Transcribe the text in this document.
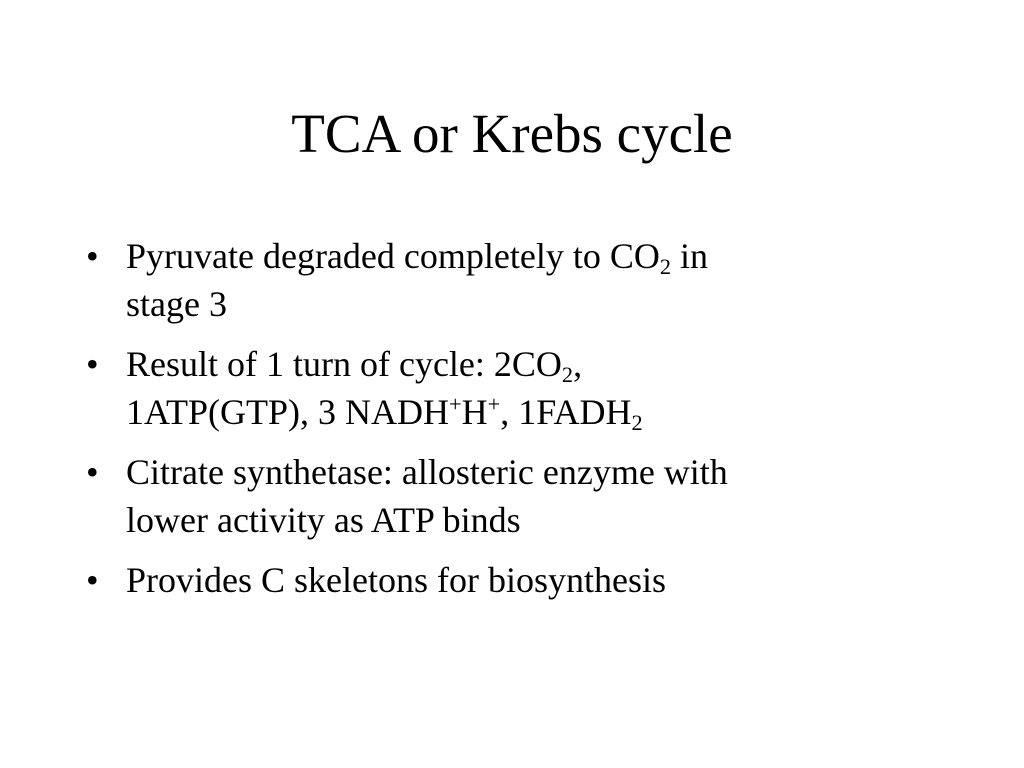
TCA or Krebs cycle
• Pyruvate degraded completely to $CO_2$ in
stage 3
• Result of 1 turn of cycle: $2CO_2$,
1ATP(GTP), 3 NADH+H+, $1FADH_2$
• Citrate synthetase: allosteric enzyme with
lower activity as ATP binds
• Provides C skeletons for biosynthesis
